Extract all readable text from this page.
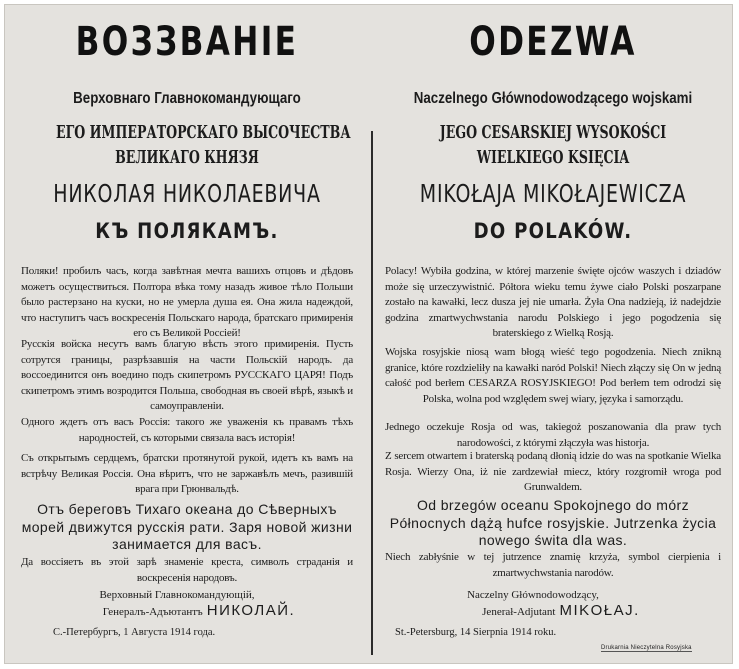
ВОЗЗВАНІЕ
Верховнаго Главнокомандующаго
ЕГО ИМПЕРАТОРСКАГО ВЫСОЧЕСТВА
ВЕЛИКАГО КНЯЗЯ
НИКОЛАЯ НИКОЛАЕВИЧА
КЪ ПОЛЯКАМЪ.
Поляки! пробилъ часъ, когда завѣтная мечта вашихъ отцовъ и дѣдовъ можетъ осуществиться. Полтора вѣка тому назадъ живое тѣло Польши было растерзано на куски, но не умерла душа ея. Она жила надеждой, что наступитъ часъ воскресенія Польскаго народа, братскаго примиренія его съ Великой Россіей!
Русскія войска несутъ вамъ благую вѣсть этого примиренія. Пусть сотрутся границы, разрѣзавшія на части Польскій народъ. да воссоединится онъ воедино подъ скипетромъ РУССКАГО ЦАРЯ! Подъ скипетромъ этимъ возродится Польша, свободная въ своей вѣрѣ, языкѣ и самоуправленіи.
Одного ждетъ отъ васъ Россія: такого же уваженія къ правамъ тѣхъ народностей, съ которыми связала васъ исторія!
Съ открытымъ сердцемъ, братски протянутой рукой, идетъ къ вамъ на встрѣчу Великая Россія. Она вѣритъ, что не заржавѣлъ мечъ, разившій врага при Грюнвальдѣ.
Отъ береговъ Тихаго океана до Сѣверныхъ морей движутся русскія рати. Заря новой жизни занимается для васъ.
Да воссіяетъ въ этой зарѣ знаменіе креста, символъ страданія и воскресенія народовъ.
Верховный Главнокомандующій,
Генералъ-Адъютантъ НИКОЛАЙ.
С.-Петербургъ, 1 Августа 1914 года.
ODEZWA
Naczelnego Głównodowodzącego wojskami
JEGO CESARSKIEJ WYSOKOŚCI
WIELKIEGO KSIĘCIA
MIKOŁAJA MIKOŁAJEWICZA
DO POLAKÓW.
Polacy! Wybiła godzina, w której marzenie święte ojców waszych i dziadów może się urzeczywistnić. Półtora wieku temu żywe ciało Polski poszarpane zostało na kawałki, lecz dusza jej nie umarła. Żyła Ona nadzieją, iż nadejdzie godzina zmartwychwstania narodu Polskiego i jego pogodzenia się braterskiego z Wielką Rosją.
Wojska rosyjskie niosą wam błogą wieść tego pogodzenia. Niech znikną granice, które rozdzieliły na kawałki naród Polski! Niech złączy się On w jedną całość pod berłem CESARZA ROSYJSKIEGO! Pod berłem tem odrodzi się Polska, wolna pod względem swej wiary, języka i samorządu.
Jednego oczekuje Rosja od was, takiegoż poszanowania dla praw tych narodowości, z którymi złączyła was historja.
Z sercem otwartem i braterską podaną dłonią idzie do was na spotkanie Wielka Rosja. Wierzy Ona, iż nie zardzewiał miecz, który rozgromił wroga pod Grunwaldem.
Od brzegów oceanu Spokojnego do mórz Północnych dążą hufce rosyjskie. Jutrzenka życia nowego świta dla was.
Niech zabłyśnie w tej jutrzence znamię krzyża, symbol cierpienia i zmartwychwstania narodów.
Naczelny Głównodowodzący,
Jenerał-Adjutant MIKOŁAJ.
St.-Petersburg, 14 Sierpnia 1914 roku.
Drukarnia Nieczytelna Rosyjska
